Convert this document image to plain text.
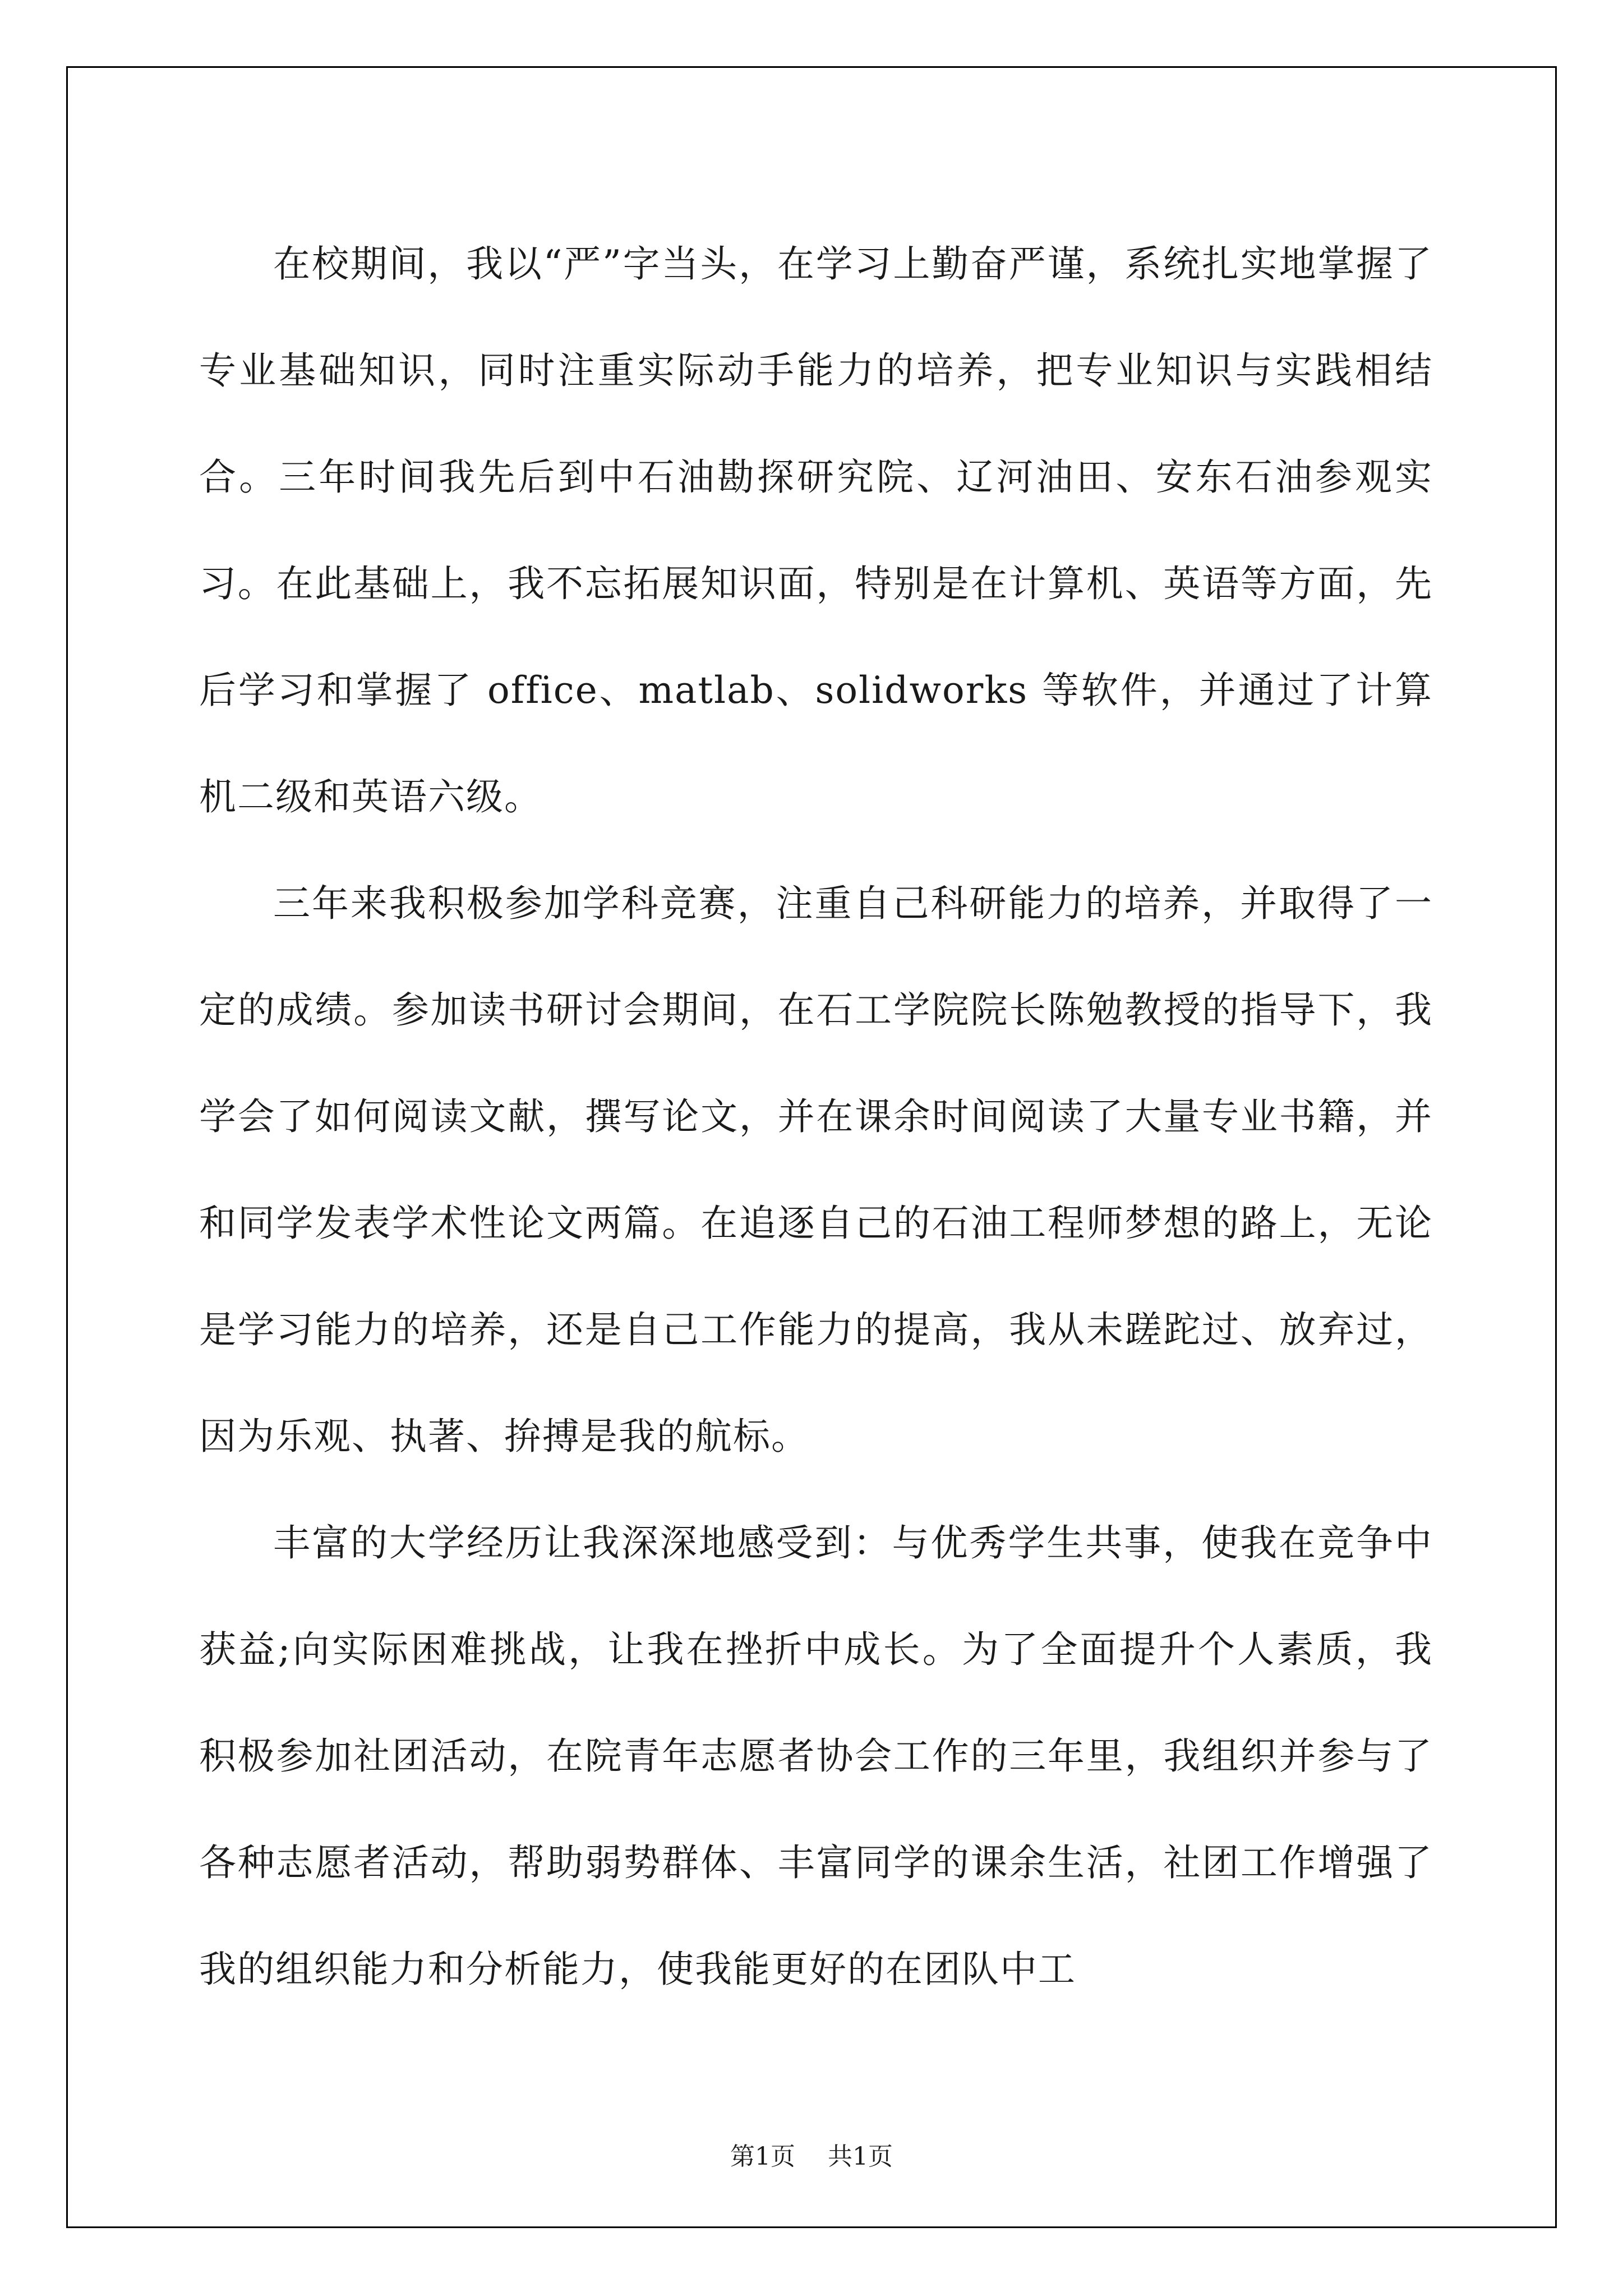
在校期间，我以“严”字当头，在学习上勤奋严谨，系统扎实地掌握了专业基础知识，同时注重实际动手能力的培养，把专业知识与实践相结合。三年时间我先后到中石油勘探研究院、辽河油田、安东石油参观实习。在此基础上，我不忘拓展知识面，特别是在计算机、英语等方面，先后学习和掌握了 office、matlab、solidworks 等软件，并通过了计算机二级和英语六级。

三年来我积极参加学科竞赛，注重自己科研能力的培养，并取得了一定的成绩。参加读书研讨会期间，在石工学院院长陈勉教授的指导下，我学会了如何阅读文献，撰写论文，并在课余时间阅读了大量专业书籍，并和同学发表学术性论文两篇。在追逐自己的石油工程师梦想的路上，无论是学习能力的培养，还是自己工作能力的提高，我从未蹉跎过、放弃过，因为乐观、执著、拚搏是我的航标。

丰富的大学经历让我深深地感受到：与优秀学生共事，使我在竞争中获益;向实际困难挑战，让我在挫折中成长。为了全面提升个人素质，我积极参加社团活动，在院青年志愿者协会工作的三年里，我组织并参与了各种志愿者活动，帮助弱势群体、丰富同学的课余生活，社团工作增强了我的组织能力和分析能力，使我能更好的在团队中工

第1页 共1页
